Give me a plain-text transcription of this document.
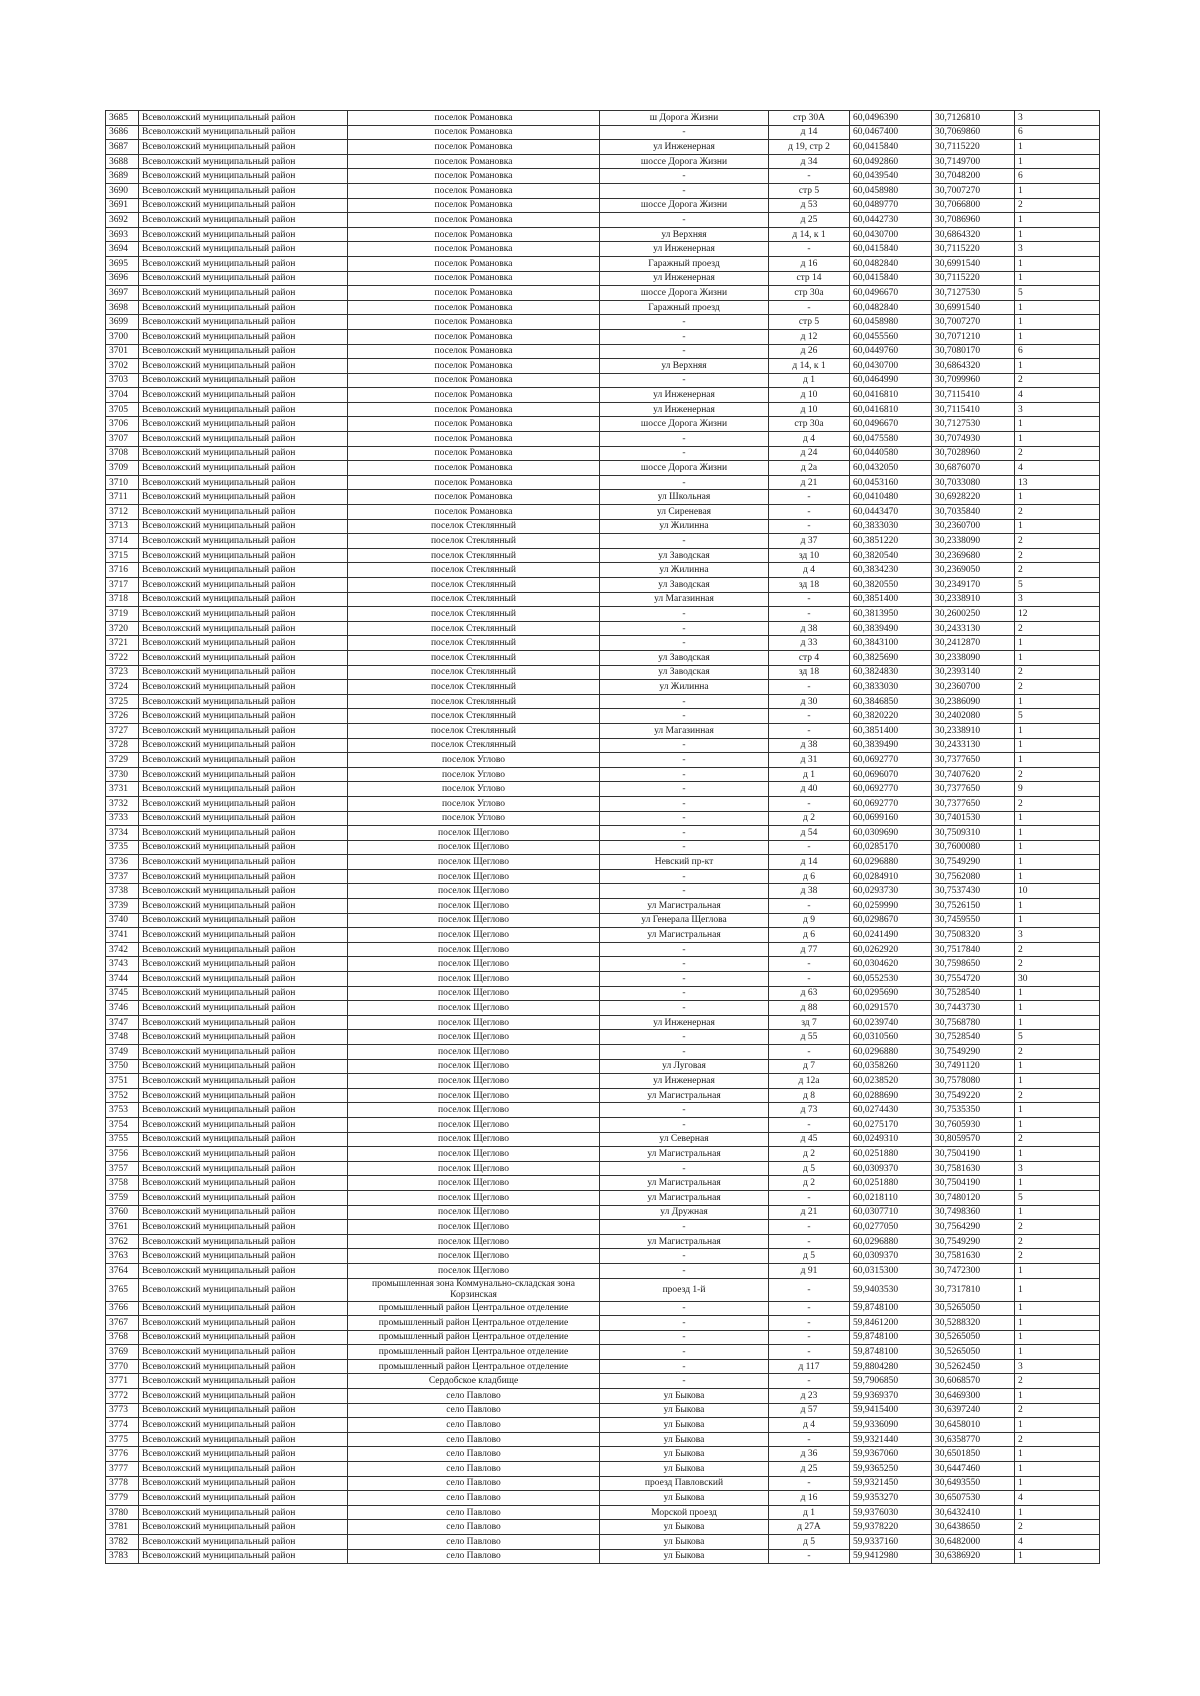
3685	Всеволожский муниципальный район	поселок Романовка	ш Дорога Жизни	стр 30А	60,0496390	30,7126810	3
3686	Всеволожский муниципальный район	поселок Романовка	-	д 14	60,0467400	30,7069860	6
3687	Всеволожский муниципальный район	поселок Романовка	ул Инженерная	д 19, стр 2	60,0415840	30,7115220	1
3688	Всеволожский муниципальный район	поселок Романовка	шоссе Дорога Жизни	д 34	60,0492860	30,7149700	1
3689	Всеволожский муниципальный район	поселок Романовка	-	-	60,0439540	30,7048200	6
3690	Всеволожский муниципальный район	поселок Романовка	-	стр 5	60,0458980	30,7007270	1
3691	Всеволожский муниципальный район	поселок Романовка	шоссе Дорога Жизни	д 53	60,0489770	30,7066800	2
3692	Всеволожский муниципальный район	поселок Романовка	-	д 25	60,0442730	30,7086960	1
3693	Всеволожский муниципальный район	поселок Романовка	ул Верхняя	д 14, к 1	60,0430700	30,6864320	1
3694	Всеволожский муниципальный район	поселок Романовка	ул Инженерная	-	60,0415840	30,7115220	3
3695	Всеволожский муниципальный район	поселок Романовка	Гаражный проезд	д 16	60,0482840	30,6991540	1
3696	Всеволожский муниципальный район	поселок Романовка	ул Инженерная	стр 14	60,0415840	30,7115220	1
3697	Всеволожский муниципальный район	поселок Романовка	шоссе Дорога Жизни	стр 30а	60,0496670	30,7127530	5
3698	Всеволожский муниципальный район	поселок Романовка	Гаражный проезд	-	60,0482840	30,6991540	1
3699	Всеволожский муниципальный район	поселок Романовка	-	стр 5	60,0458980	30,7007270	1
3700	Всеволожский муниципальный район	поселок Романовка	-	д 12	60,0455560	30,7071210	1
3701	Всеволожский муниципальный район	поселок Романовка	-	д 26	60,0449760	30,7080170	6
3702	Всеволожский муниципальный район	поселок Романовка	ул Верхняя	д 14, к 1	60,0430700	30,6864320	1
3703	Всеволожский муниципальный район	поселок Романовка	-	д 1	60,0464990	30,7099960	2
3704	Всеволожский муниципальный район	поселок Романовка	ул Инженерная	д 10	60,0416810	30,7115410	4
3705	Всеволожский муниципальный район	поселок Романовка	ул Инженерная	д 10	60,0416810	30,7115410	3
3706	Всеволожский муниципальный район	поселок Романовка	шоссе Дорога Жизни	стр 30а	60,0496670	30,7127530	1
3707	Всеволожский муниципальный район	поселок Романовка	-	д 4	60,0475580	30,7074930	1
3708	Всеволожский муниципальный район	поселок Романовка	-	д 24	60,0440580	30,7028960	2
3709	Всеволожский муниципальный район	поселок Романовка	шоссе Дорога Жизни	д 2а	60,0432050	30,6876070	4
3710	Всеволожский муниципальный район	поселок Романовка	-	д 21	60,0453160	30,7033080	13
3711	Всеволожский муниципальный район	поселок Романовка	ул Школьная	-	60,0410480	30,6928220	1
3712	Всеволожский муниципальный район	поселок Романовка	ул Сиреневая	-	60,0443470	30,7035840	2
3713	Всеволожский муниципальный район	поселок Стеклянный	ул Жилинна	-	60,3833030	30,2360700	1
3714	Всеволожский муниципальный район	поселок Стеклянный	-	д 37	60,3851220	30,2338090	2
3715	Всеволожский муниципальный район	поселок Стеклянный	ул Заводская	зд 10	60,3820540	30,2369680	2
3716	Всеволожский муниципальный район	поселок Стеклянный	ул Жилинна	д 4	60,3834230	30,2369050	2
3717	Всеволожский муниципальный район	поселок Стеклянный	ул Заводская	зд 18	60,3820550	30,2349170	5
3718	Всеволожский муниципальный район	поселок Стеклянный	ул Магазинная	-	60,3851400	30,2338910	3
3719	Всеволожский муниципальный район	поселок Стеклянный	-	-	60,3813950	30,2600250	12
3720	Всеволожский муниципальный район	поселок Стеклянный	-	д 38	60,3839490	30,2433130	2
3721	Всеволожский муниципальный район	поселок Стеклянный	-	д 33	60,3843100	30,2412870	1
3722	Всеволожский муниципальный район	поселок Стеклянный	ул Заводская	стр 4	60,3825690	30,2338090	1
3723	Всеволожский муниципальный район	поселок Стеклянный	ул Заводская	зд 18	60,3824830	30,2393140	2
3724	Всеволожский муниципальный район	поселок Стеклянный	ул Жилинна	-	60,3833030	30,2360700	2
3725	Всеволожский муниципальный район	поселок Стеклянный	-	д 30	60,3846850	30,2386090	1
3726	Всеволожский муниципальный район	поселок Стеклянный	-	-	60,3820220	30,2402080	5
3727	Всеволожский муниципальный район	поселок Стеклянный	ул Магазинная	-	60,3851400	30,2338910	1
3728	Всеволожский муниципальный район	поселок Стеклянный	-	д 38	60,3839490	30,2433130	1
3729	Всеволожский муниципальный район	поселок Углово	-	д 31	60,0692770	30,7377650	1
3730	Всеволожский муниципальный район	поселок Углово	-	д 1	60,0696070	30,7407620	2
3731	Всеволожский муниципальный район	поселок Углово	-	д 40	60,0692770	30,7377650	9
3732	Всеволожский муниципальный район	поселок Углово	-	-	60,0692770	30,7377650	2
3733	Всеволожский муниципальный район	поселок Углово	-	д 2	60,0699160	30,7401530	1
3734	Всеволожский муниципальный район	поселок Щеглово	-	д 54	60,0309690	30,7509310	1
3735	Всеволожский муниципальный район	поселок Щеглово	-	-	60,0285170	30,7600080	1
3736	Всеволожский муниципальный район	поселок Щеглово	Невский пр-кт	д 14	60,0296880	30,7549290	1
3737	Всеволожский муниципальный район	поселок Щеглово	-	д 6	60,0284910	30,7562080	1
3738	Всеволожский муниципальный район	поселок Щеглово	-	д 38	60,0293730	30,7537430	10
3739	Всеволожский муниципальный район	поселок Щеглово	ул Магистральная	-	60,0259990	30,7526150	1
3740	Всеволожский муниципальный район	поселок Щеглово	ул Генерала Щеглова	д 9	60,0298670	30,7459550	1
3741	Всеволожский муниципальный район	поселок Щеглово	ул Магистральная	д 6	60,0241490	30,7508320	3
3742	Всеволожский муниципальный район	поселок Щеглово	-	д 77	60,0262920	30,7517840	2
3743	Всеволожский муниципальный район	поселок Щеглово	-	-	60,0304620	30,7598650	2
3744	Всеволожский муниципальный район	поселок Щеглово	-	-	60,0552530	30,7554720	30
3745	Всеволожский муниципальный район	поселок Щеглово	-	д 63	60,0295690	30,7528540	1
3746	Всеволожский муниципальный район	поселок Щеглово	-	д 88	60,0291570	30,7443730	1
3747	Всеволожский муниципальный район	поселок Щеглово	ул Инженерная	зд 7	60,0239740	30,7568780	1
3748	Всеволожский муниципальный район	поселок Щеглово	-	д 55	60,0310560	30,7528540	5
3749	Всеволожский муниципальный район	поселок Щеглово	-	-	60,0296880	30,7549290	2
3750	Всеволожский муниципальный район	поселок Щеглово	ул Луговая	д 7	60,0358260	30,7491120	1
3751	Всеволожский муниципальный район	поселок Щеглово	ул Инженерная	д 12а	60,0238520	30,7578080	1
3752	Всеволожский муниципальный район	поселок Щеглово	ул Магистральная	д 8	60,0288690	30,7549220	2
3753	Всеволожский муниципальный район	поселок Щеглово	-	д 73	60,0274430	30,7535350	1
3754	Всеволожский муниципальный район	поселок Щеглово	-	-	60,0275170	30,7605930	1
3755	Всеволожский муниципальный район	поселок Щеглово	ул Северная	д 45	60,0249310	30,8059570	2
3756	Всеволожский муниципальный район	поселок Щеглово	ул Магистральная	д 2	60,0251880	30,7504190	1
3757	Всеволожский муниципальный район	поселок Щеглово	-	д 5	60,0309370	30,7581630	3
3758	Всеволожский муниципальный район	поселок Щеглово	ул Магистральная	д 2	60,0251880	30,7504190	1
3759	Всеволожский муниципальный район	поселок Щеглово	ул Магистральная	-	60,0218110	30,7480120	5
3760	Всеволожский муниципальный район	поселок Щеглово	ул Дружная	д 21	60,0307710	30,7498360	1
3761	Всеволожский муниципальный район	поселок Щеглово	-	-	60,0277050	30,7564290	2
3762	Всеволожский муниципальный район	поселок Щеглово	ул Магистральная	-	60,0296880	30,7549290	2
3763	Всеволожский муниципальный район	поселок Щеглово	-	д 5	60,0309370	30,7581630	2
3764	Всеволожский муниципальный район	поселок Щеглово	-	д 91	60,0315300	30,7472300	1
3765	Всеволожский муниципальный район	промышленная зона Коммунально-складская зона Корзинская	проезд 1-й	-	59,9403530	30,7317810	1
3766	Всеволожский муниципальный район	промышленный район Центральное отделение	-	-	59,8748100	30,5265050	1
3767	Всеволожский муниципальный район	промышленный район Центральное отделение	-	-	59,8461200	30,5288320	1
3768	Всеволожский муниципальный район	промышленный район Центральное отделение	-	-	59,8748100	30,5265050	1
3769	Всеволожский муниципальный район	промышленный район Центральное отделение	-	-	59,8748100	30,5265050	1
3770	Всеволожский муниципальный район	промышленный район Центральное отделение	-	д 117	59,8804280	30,5262450	3
3771	Всеволожский муниципальный район	Сердобское кладбище	-	-	59,7906850	30,6068570	2
3772	Всеволожский муниципальный район	село Павлово	ул Быкова	д 23	59,9369370	30,6469300	1
3773	Всеволожский муниципальный район	село Павлово	ул Быкова	д 57	59,9415400	30,6397240	2
3774	Всеволожский муниципальный район	село Павлово	ул Быкова	д 4	59,9336090	30,6458010	1
3775	Всеволожский муниципальный район	село Павлово	ул Быкова	-	59,9321440	30,6358770	2
3776	Всеволожский муниципальный район	село Павлово	ул Быкова	д 36	59,9367060	30,6501850	1
3777	Всеволожский муниципальный район	село Павлово	ул Быкова	д 25	59,9365250	30,6447460	1
3778	Всеволожский муниципальный район	село Павлово	проезд Павловский	-	59,9321450	30,6493550	1
3779	Всеволожский муниципальный район	село Павлово	ул Быкова	д 16	59,9353270	30,6507530	4
3780	Всеволожский муниципальный район	село Павлово	Морской проезд	д 1	59,9376030	30,6432410	1
3781	Всеволожский муниципальный район	село Павлово	ул Быкова	д 27А	59,9378220	30,6438650	2
3782	Всеволожский муниципальный район	село Павлово	ул Быкова	д 5	59,9337160	30,6482000	4
3783	Всеволожский муниципальный район	село Павлово	ул Быкова	-	59,9412980	30,6386920	1
